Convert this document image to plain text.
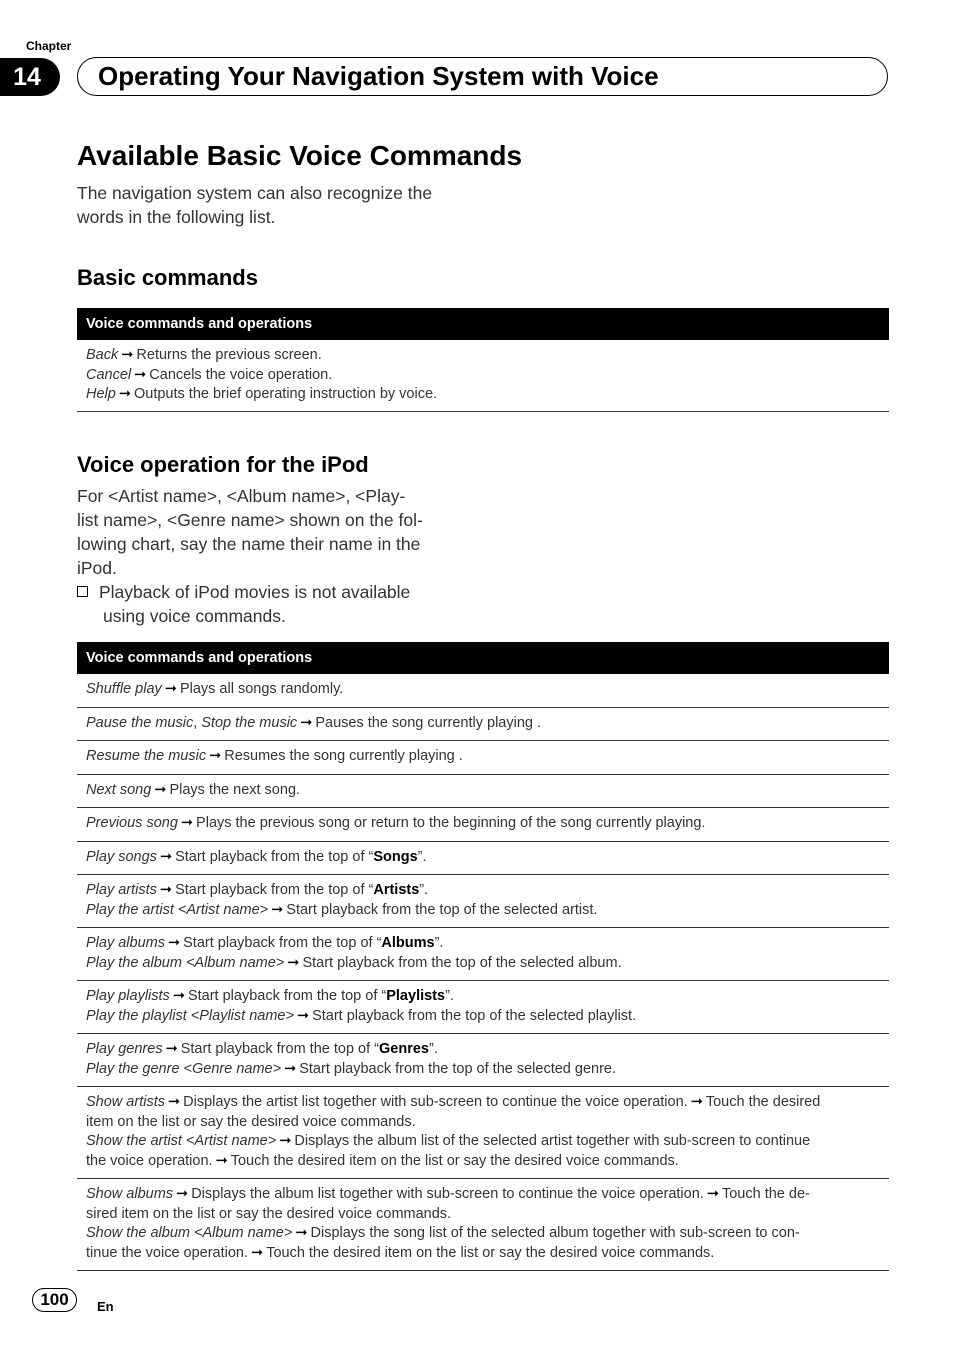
Chapter
14	Operating Your Navigation System with Voice
Available Basic Voice Commands
The navigation system can also recognize the words in the following list.
Basic commands
Voice commands and operations
Back ➞ Returns the previous screen.
Cancel ➞ Cancels the voice operation.
Help ➞ Outputs the brief operating instruction by voice.
Voice operation for the iPod
For <Artist name>, <Album name>, <Play-
list name>, <Genre name> shown on the fol-
lowing chart, say the name their name in the
iPod.
Playback of iPod movies is not available
using voice commands.
Voice commands and operations
Shuffle play ➞ Plays all songs randomly.
Pause the music, Stop the music ➞ Pauses the song currently playing .
Resume the music ➞ Resumes the song currently playing .
Next song ➞ Plays the next song.
Previous song ➞ Plays the previous song or return to the beginning of the song currently playing.
Play songs ➞ Start playback from the top of “Songs”.
Play artists ➞ Start playback from the top of “Artists”.
Play the artist <Artist name> ➞ Start playback from the top of the selected artist.
Play albums ➞ Start playback from the top of “Albums”.
Play the album <Album name> ➞ Start playback from the top of the selected album.
Play playlists ➞ Start playback from the top of “Playlists”.
Play the playlist <Playlist name> ➞ Start playback from the top of the selected playlist.
Play genres ➞ Start playback from the top of “Genres”.
Play the genre <Genre name> ➞ Start playback from the top of the selected genre.
Show artists ➞ Displays the artist list together with sub-screen to continue the voice operation. ➞ Touch the desired
item on the list or say the desired voice commands.
Show the artist <Artist name> ➞ Displays the album list of the selected artist together with sub-screen to continue
the voice operation. ➞ Touch the desired item on the list or say the desired voice commands.
Show albums ➞ Displays the album list together with sub-screen to continue the voice operation. ➞ Touch the de-
sired item on the list or say the desired voice commands.
Show the album <Album name> ➞ Displays the song list of the selected album together with sub-screen to con-
tinue the voice operation. ➞ Touch the desired item on the list or say the desired voice commands.
100	En
